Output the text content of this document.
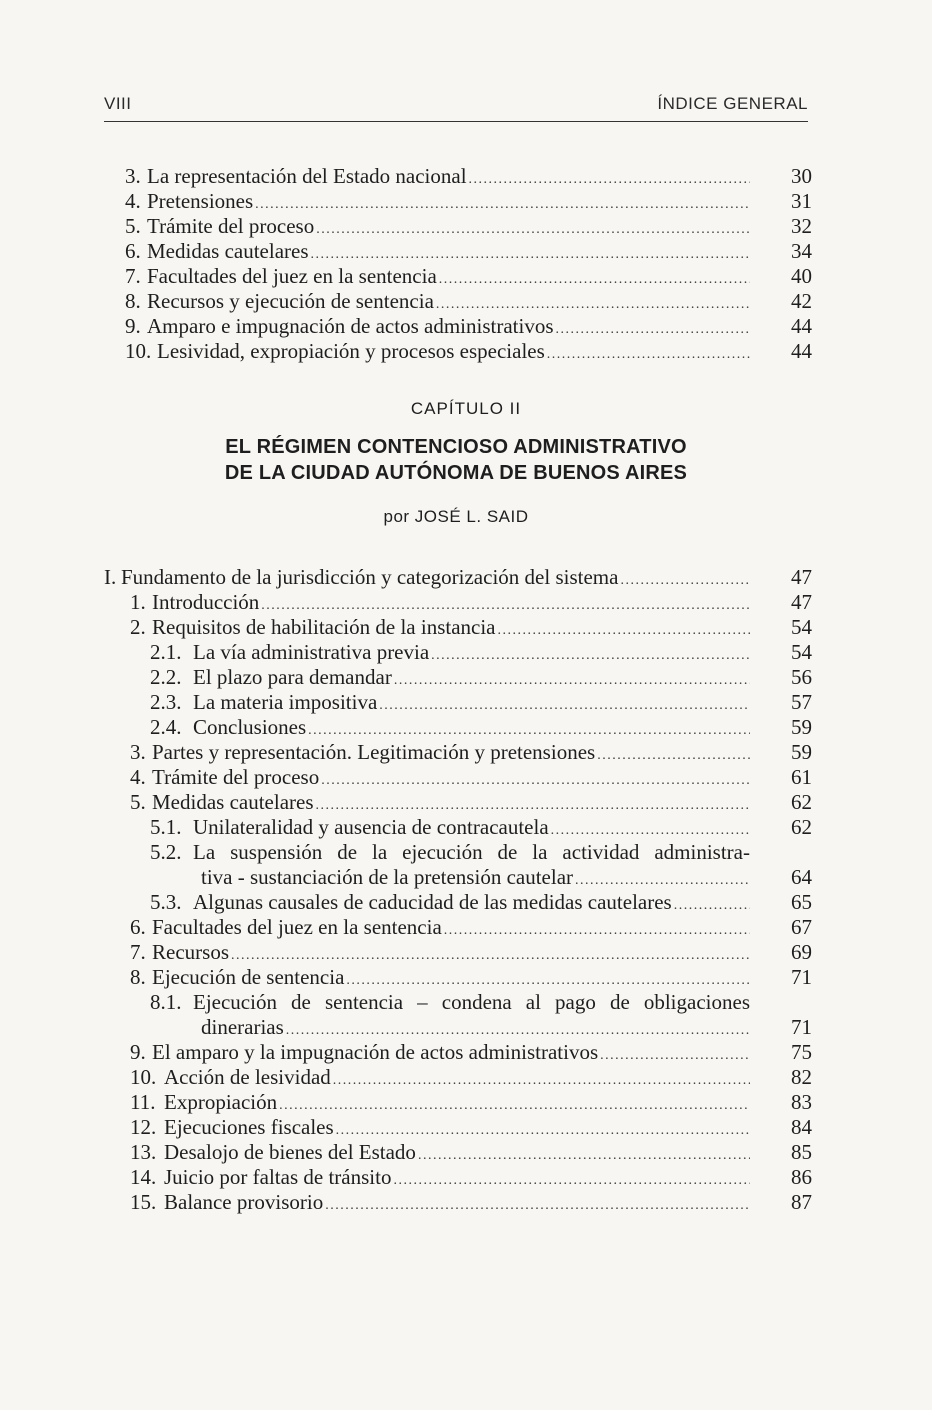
VIII	ÍNDICE GENERAL
3. La representación del Estado nacional .....	30
4. Pretensiones .....	31
5. Trámite del proceso .....	32
6. Medidas cautelares .....	34
7. Facultades del juez en la sentencia .....	40
8. Recursos y ejecución de sentencia .....	42
9. Amparo e impugnación de actos administrativos .....	44
10. Lesividad, expropiación y procesos especiales .....	44
CAPÍTULO II
EL RÉGIMEN CONTENCIOSO ADMINISTRATIVO
DE LA CIUDAD AUTÓNOMA DE BUENOS AIRES
por JOSÉ L. SAID
I. Fundamento de la jurisdicción y categorización del sistema .....	47
1. Introducción .....	47
2. Requisitos de habilitación de la instancia .....	54
2.1. La vía administrativa previa .....	54
2.2. El plazo para demandar .....	56
2.3. La materia impositiva .....	57
2.4. Conclusiones .....	59
3. Partes y representación. Legitimación y pretensiones .....	59
4. Trámite del proceso .....	61
5. Medidas cautelares .....	62
5.1. Unilateralidad y ausencia de contracautela .....	62
5.2. La suspensión de la ejecución de la actividad administra-
tiva - sustanciación de la pretensión cautelar .....	64
5.3. Algunas causales de caducidad de las medidas cautelares .....	65
6. Facultades del juez en la sentencia .....	67
7. Recursos .....	69
8. Ejecución de sentencia .....	71
8.1. Ejecución de sentencia – condena al pago de obligaciones
dinerarias .....	71
9. El amparo y la impugnación de actos administrativos .....	75
10. Acción de lesividad .....	82
11. Expropiación .....	83
12. Ejecuciones fiscales .....	84
13. Desalojo de bienes del Estado .....	85
14. Juicio por faltas de tránsito .....	86
15. Balance provisorio .....	87
